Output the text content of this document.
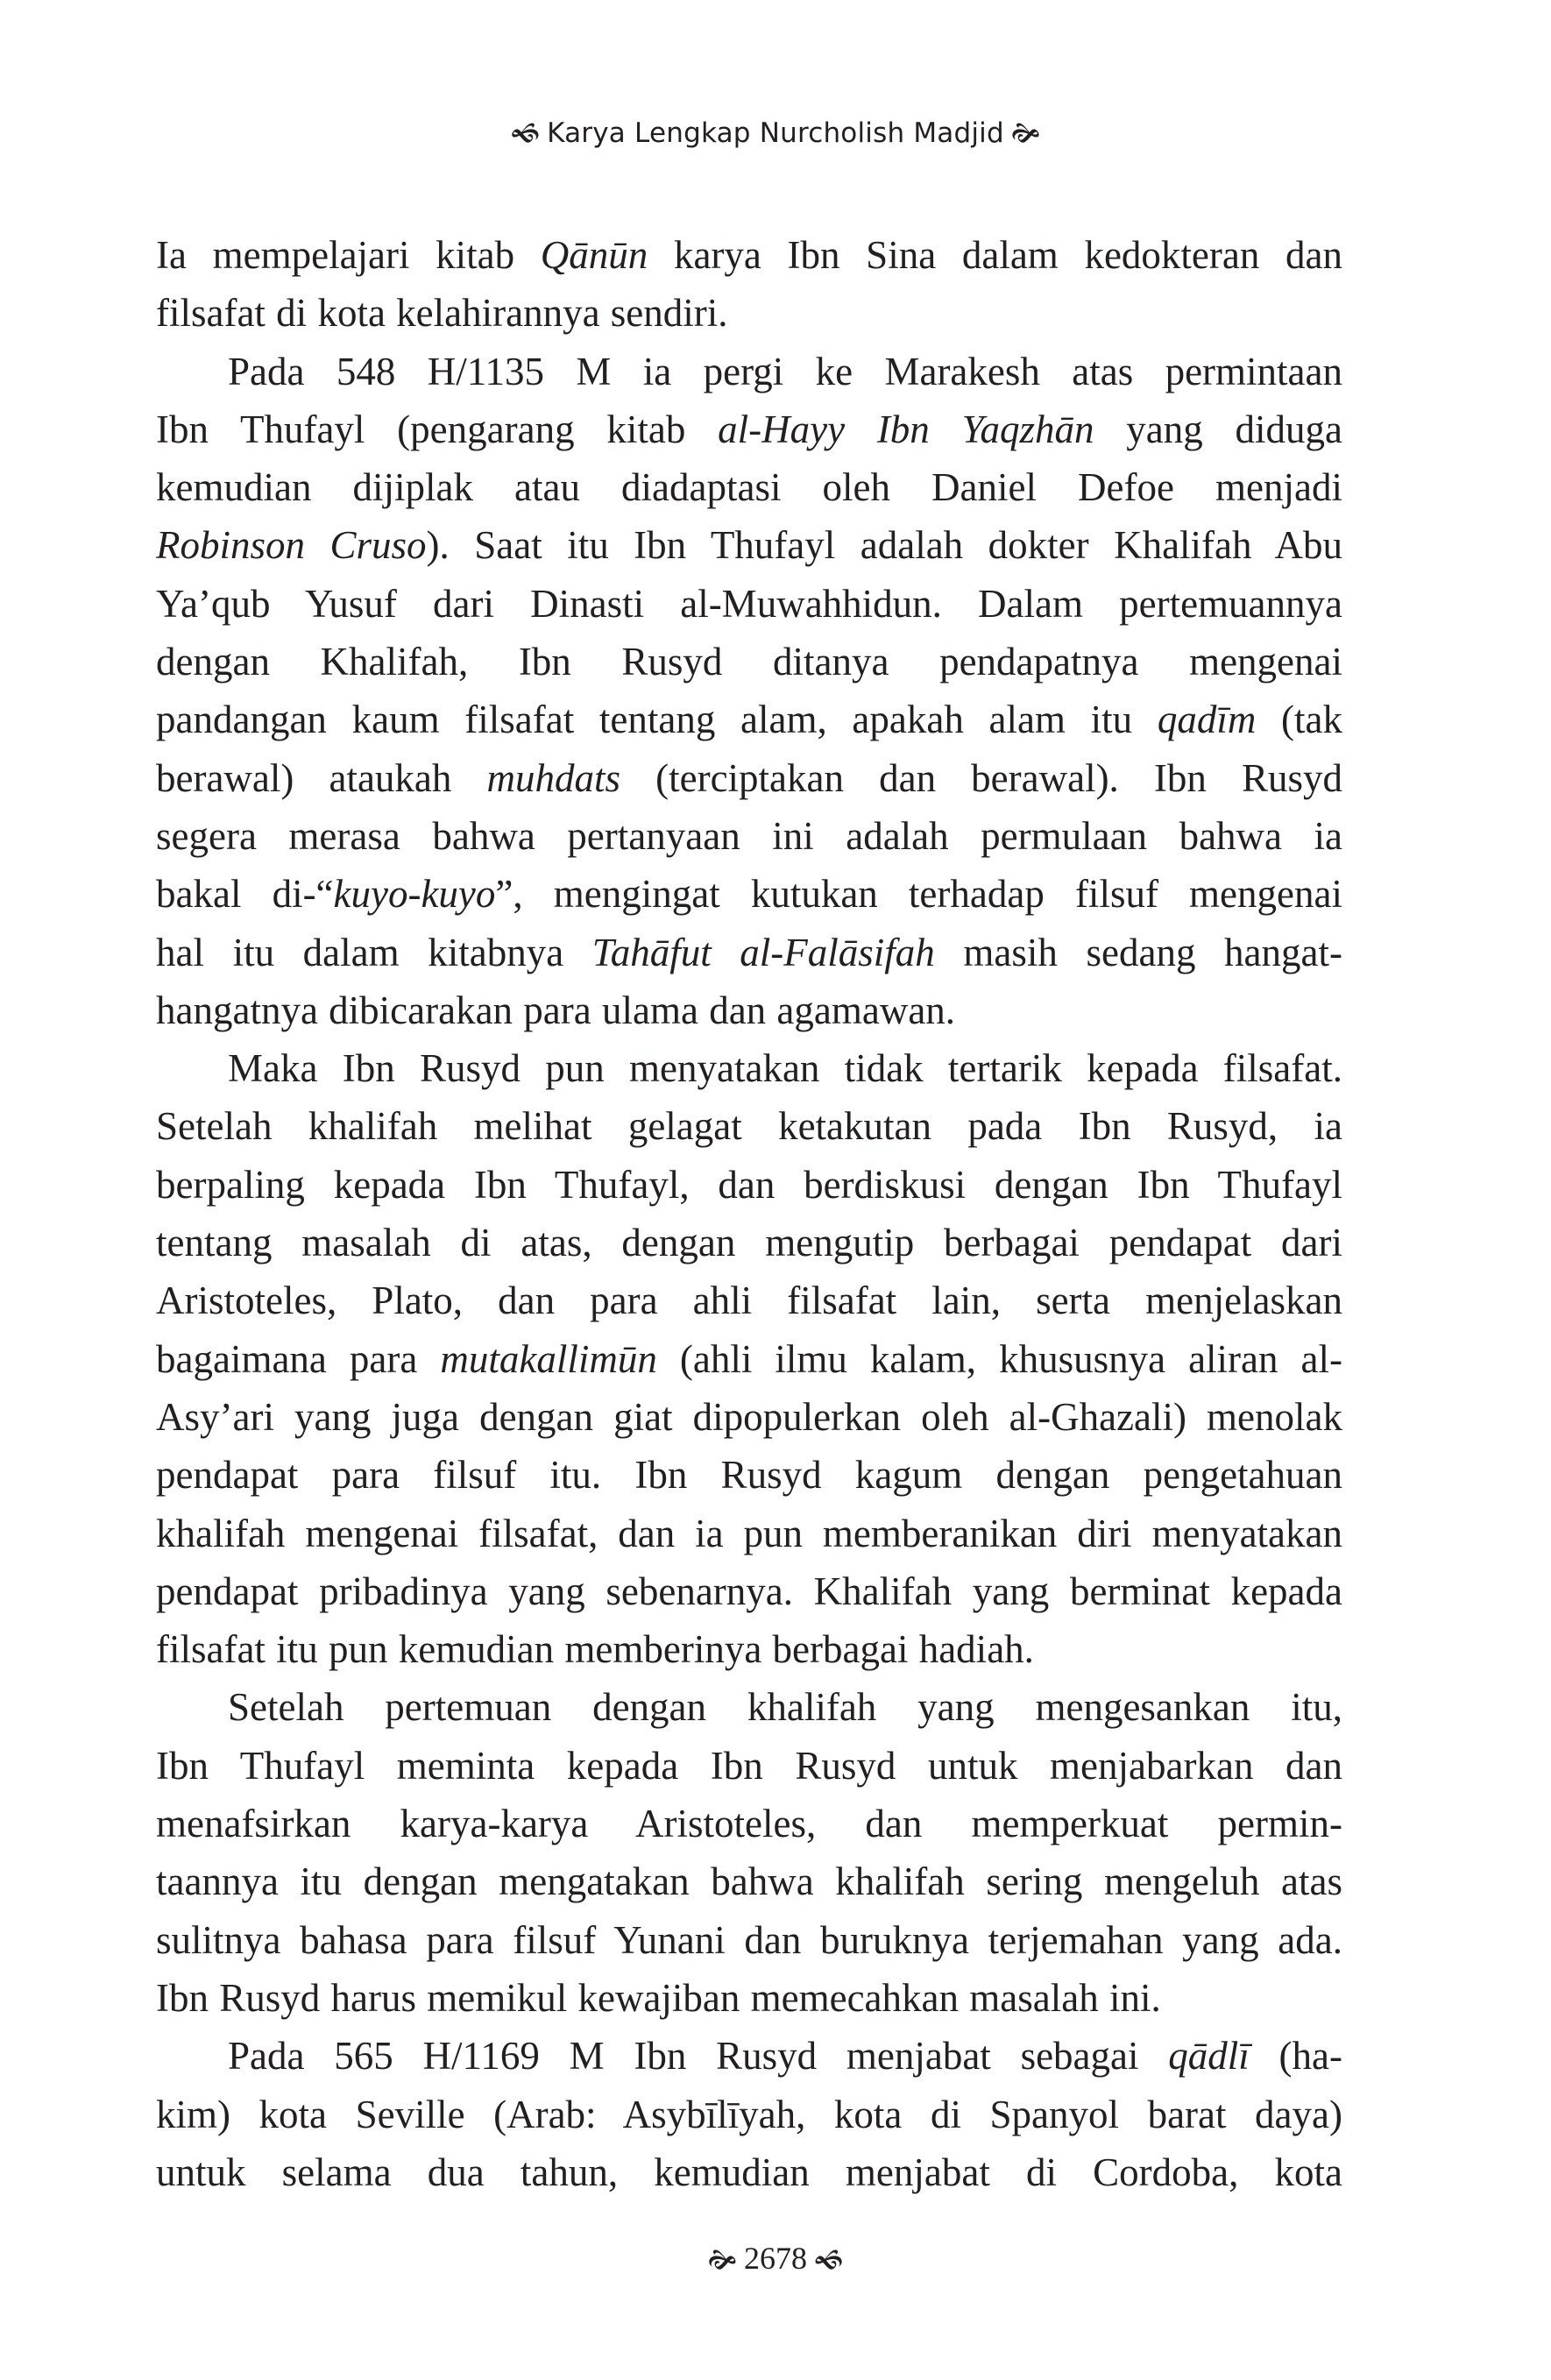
🙜 Karya Lengkap Nurcholish Madjid 🙞
Ia mempelajari kitab Qānūn karya Ibn Sina dalam kedokteran dan
filsafat di kota kelahirannya sendiri.
Pada 548 H/1135 M ia pergi ke Marakesh atas permintaan
Ibn Thufayl (pengarang kitab al-Hayy Ibn Yaqzhān yang diduga
kemudian dijiplak atau diadaptasi oleh Daniel Defoe menjadi
Robinson Cruso). Saat itu Ibn Thufayl adalah dokter Khalifah Abu
Ya’qub Yusuf dari Dinasti al-Muwahhidun. Dalam pertemuannya
dengan Khalifah, Ibn Rusyd ditanya pendapatnya mengenai
pandangan kaum filsafat tentang alam, apakah alam itu qadīm (tak
berawal) ataukah muhdats (terciptakan dan berawal). Ibn Rusyd
segera merasa bahwa pertanyaan ini adalah permulaan bahwa ia
bakal di-“kuyo-kuyo”, mengingat kutukan terhadap filsuf mengenai
hal itu dalam kitabnya Tahāfut al-Falāsifah masih sedang hangat-
hangatnya dibicarakan para ulama dan agamawan.
Maka Ibn Rusyd pun menyatakan tidak tertarik kepada filsafat.
Setelah khalifah melihat gelagat ketakutan pada Ibn Rusyd, ia
berpaling kepada Ibn Thufayl, dan berdiskusi dengan Ibn Thufayl
tentang masalah di atas, dengan mengutip berbagai pendapat dari
Aristoteles, Plato, dan para ahli filsafat lain, serta menjelaskan
bagaimana para mutakallimūn (ahli ilmu kalam, khususnya aliran al-
Asy’ari yang juga dengan giat dipopulerkan oleh al-Ghazali) menolak
pendapat para filsuf itu. Ibn Rusyd kagum dengan pengetahuan
khalifah mengenai filsafat, dan ia pun memberanikan diri menyatakan
pendapat pribadinya yang sebenarnya. Khalifah yang berminat kepada
filsafat itu pun kemudian memberinya berbagai hadiah.
Setelah pertemuan dengan khalifah yang mengesankan itu,
Ibn Thufayl meminta kepada Ibn Rusyd untuk menjabarkan dan
menafsirkan karya-karya Aristoteles, dan memperkuat permin-
taannya itu dengan mengatakan bahwa khalifah sering mengeluh atas
sulitnya bahasa para filsuf Yunani dan buruknya terjemahan yang ada.
Ibn Rusyd harus memikul kewajiban memecahkan masalah ini.
Pada 565 H/1169 M Ibn Rusyd menjabat sebagai qādlī (ha-
kim) kota Seville (Arab: Asybīlīyah, kota di Spanyol barat daya)
untuk selama dua tahun, kemudian menjabat di Cordoba, kota
🙞 2678 🙜
